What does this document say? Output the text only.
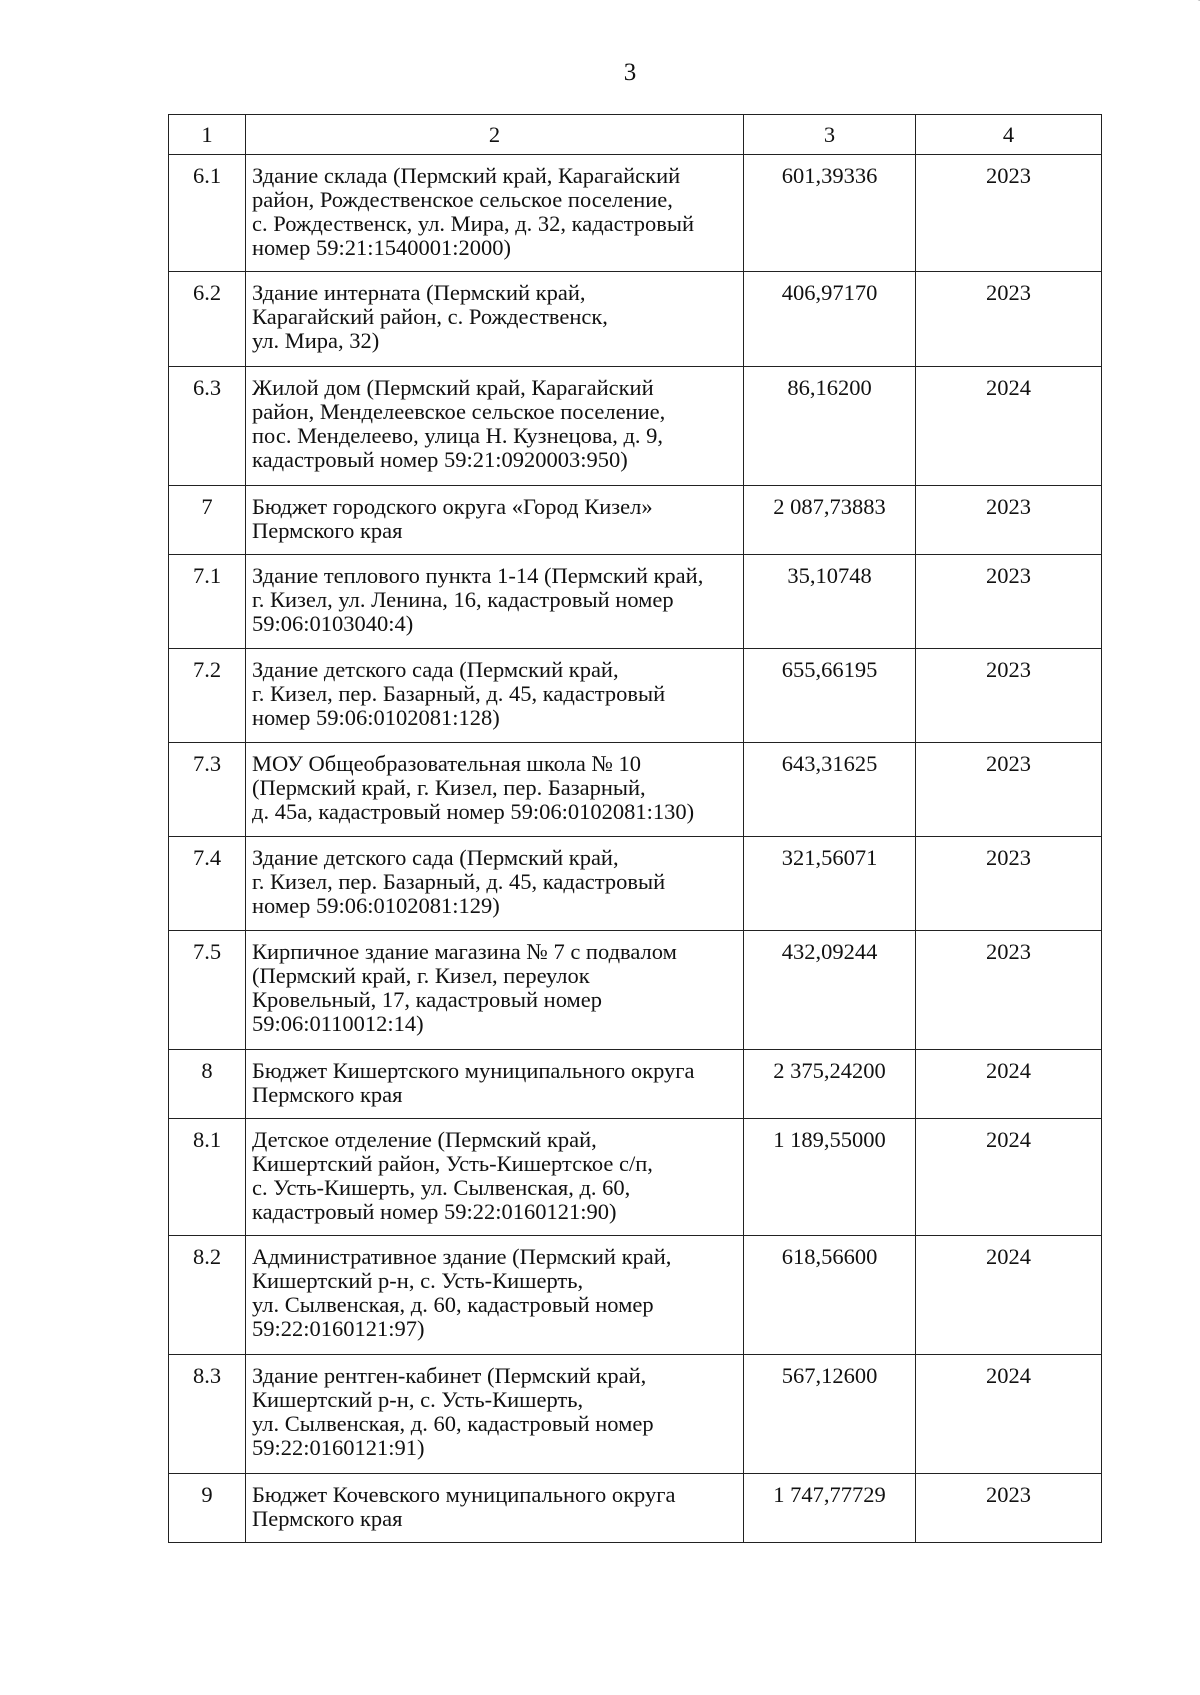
3
1	2	3	4
6.1	Здание склада (Пермский край, Карагайский
район, Рождественское сельское поселение,
с. Рождественск, ул. Мира, д. 32, кадастровый
номер 59:21:1540001:2000)	601,39336	2023
6.2	Здание интерната (Пермский край,
Карагайский район, с. Рождественск,
ул. Мира, 32)	406,97170	2023
6.3	Жилой дом (Пермский край, Карагайский
район, Менделеевское сельское поселение,
пос. Менделеево, улица Н. Кузнецова, д. 9,
кадастровый номер 59:21:0920003:950)	86,16200	2024
7	Бюджет городского округа «Город Кизел»
Пермского края	2 087,73883	2023
7.1	Здание теплового пункта 1-14 (Пермский край,
г. Кизел, ул. Ленина, 16, кадастровый номер
59:06:0103040:4)	35,10748	2023
7.2	Здание детского сада (Пермский край,
г. Кизел, пер. Базарный, д. 45, кадастровый
номер 59:06:0102081:128)	655,66195	2023
7.3	МОУ Общеобразовательная школа № 10
(Пермский край, г. Кизел, пер. Базарный,
д. 45а, кадастровый номер 59:06:0102081:130)	643,31625	2023
7.4	Здание детского сада (Пермский край,
г. Кизел, пер. Базарный, д. 45, кадастровый
номер 59:06:0102081:129)	321,56071	2023
7.5	Кирпичное здание магазина № 7 с подвалом
(Пермский край, г. Кизел, переулок
Кровельный, 17, кадастровый номер
59:06:0110012:14)	432,09244	2023
8	Бюджет Кишертского муниципального округа
Пермского края	2 375,24200	2024
8.1	Детское отделение (Пермский край,
Кишертский район, Усть-Кишертское с/п,
с. Усть-Кишерть, ул. Сылвенская, д. 60,
кадастровый номер 59:22:0160121:90)	1 189,55000	2024
8.2	Административное здание (Пермский край,
Кишертский р-н, с. Усть-Кишерть,
ул. Сылвенская, д. 60, кадастровый номер
59:22:0160121:97)	618,56600	2024
8.3	Здание рентген-кабинет (Пермский край,
Кишертский р-н, с. Усть-Кишерть,
ул. Сылвенская, д. 60, кадастровый номер
59:22:0160121:91)	567,12600	2024
9	Бюджет Кочевского муниципального округа
Пермского края	1 747,77729	2023
